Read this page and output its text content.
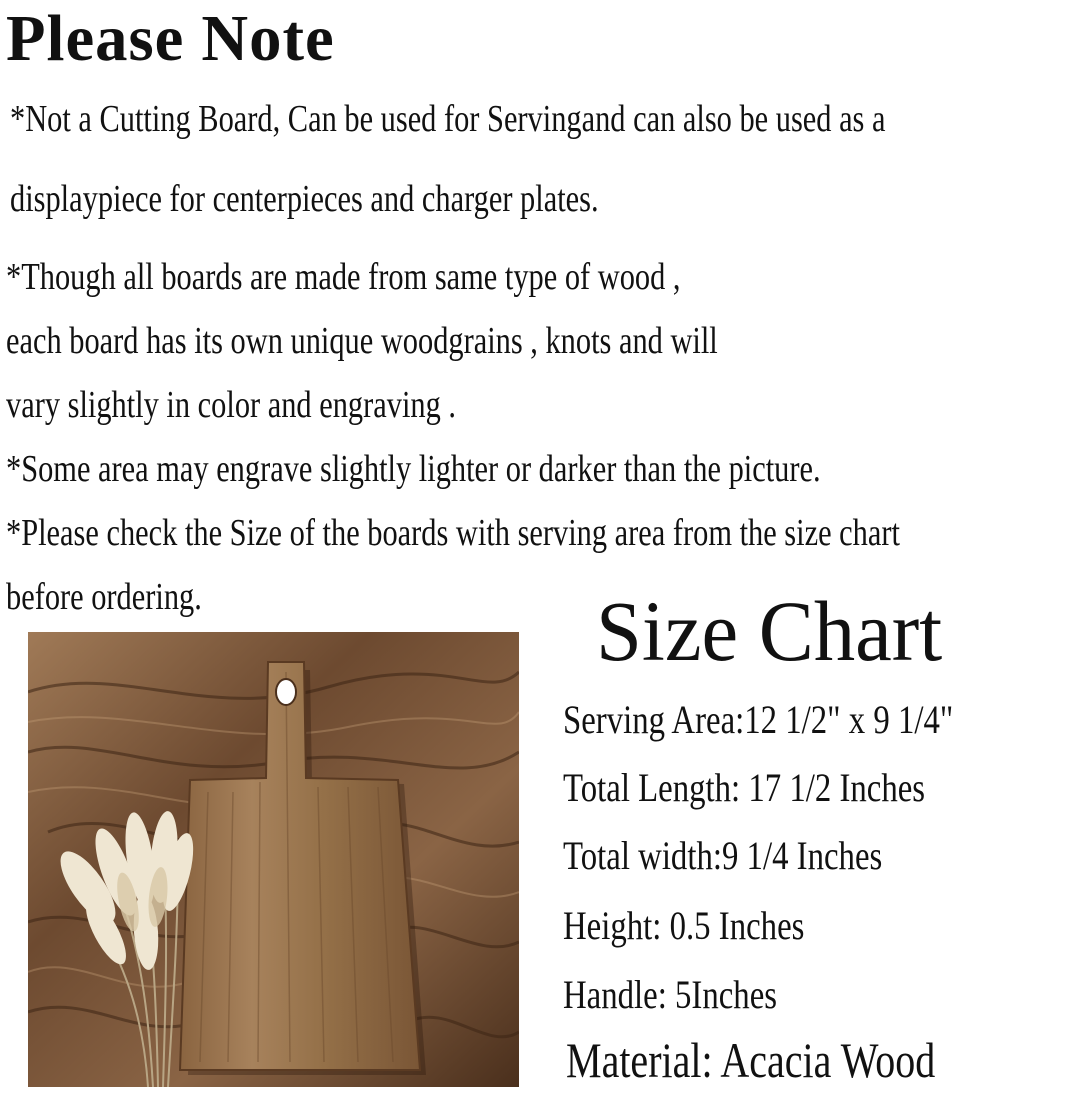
Please Note
*Not a Cutting Board, Can be used for Servingand can also be used as a
displaypiece for centerpieces and charger plates.
*Though all boards are made from same type of wood ,
each board has its own unique woodgrains , knots and will
vary slightly in color and engraving .
*Some area may engrave slightly lighter or darker than the picture.
*Please check the Size of the boards with serving area from the size chart
before ordering.	Size Chart
Serving Area:12 1/2" x 9 1/4"
Total Length: 17 1/2 Inches
Total width:9 1/4 Inches
Height: 0.5 Inches
Handle: 5Inches
Material: Acacia Wood
